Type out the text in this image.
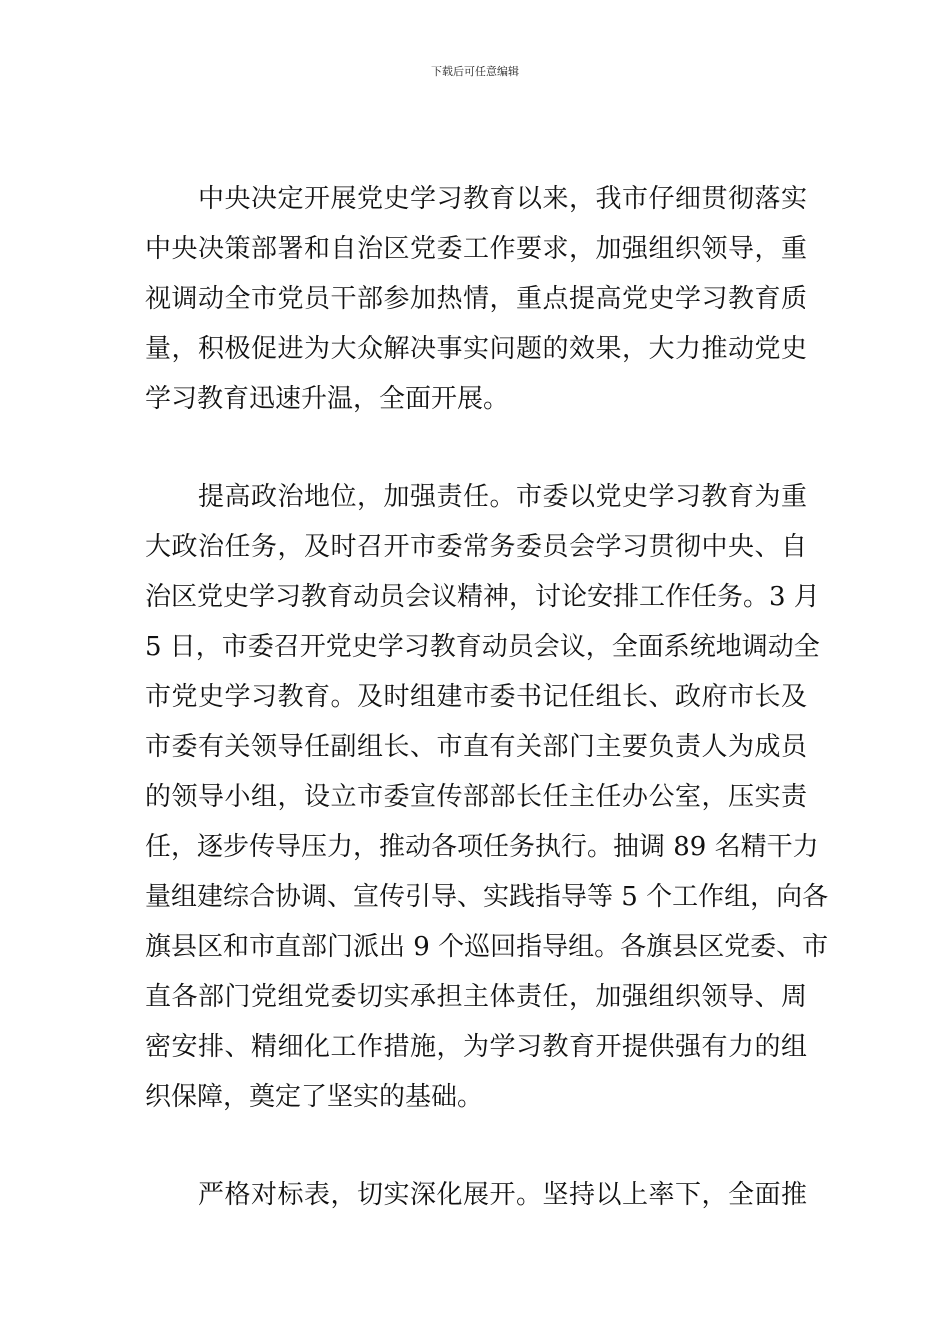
下载后可任意编辑
　　中央决定开展党史学习教育以来，我市仔细贯彻落实
中央决策部署和自治区党委工作要求，加强组织领导，重
视调动全市党员干部参加热情，重点提高党史学习教育质
量，积极促进为大众解决事实问题的效果，大力推动党史
学习教育迅速升温，全面开展。
　　提高政治地位，加强责任。市委以党史学习教育为重
大政治任务，及时召开市委常务委员会学习贯彻中央、自
治区党史学习教育动员会议精神，讨论安排工作任务。3 月
5 日，市委召开党史学习教育动员会议，全面系统地调动全
市党史学习教育。及时组建市委书记任组长、政府市长及
市委有关领导任副组长、市直有关部门主要负责人为成员
的领导小组，设立市委宣传部部长任主任办公室，压实责
任，逐步传导压力，推动各项任务执行。抽调 89 名精干力
量组建综合协调、宣传引导、实践指导等 5 个工作组，向各
旗县区和市直部门派出 9 个巡回指导组。各旗县区党委、市
直各部门党组党委切实承担主体责任，加强组织领导、周
密安排、精细化工作措施，为学习教育开提供强有力的组
织保障，奠定了坚实的基础。
　　严格对标表，切实深化展开。坚持以上率下，全面推
